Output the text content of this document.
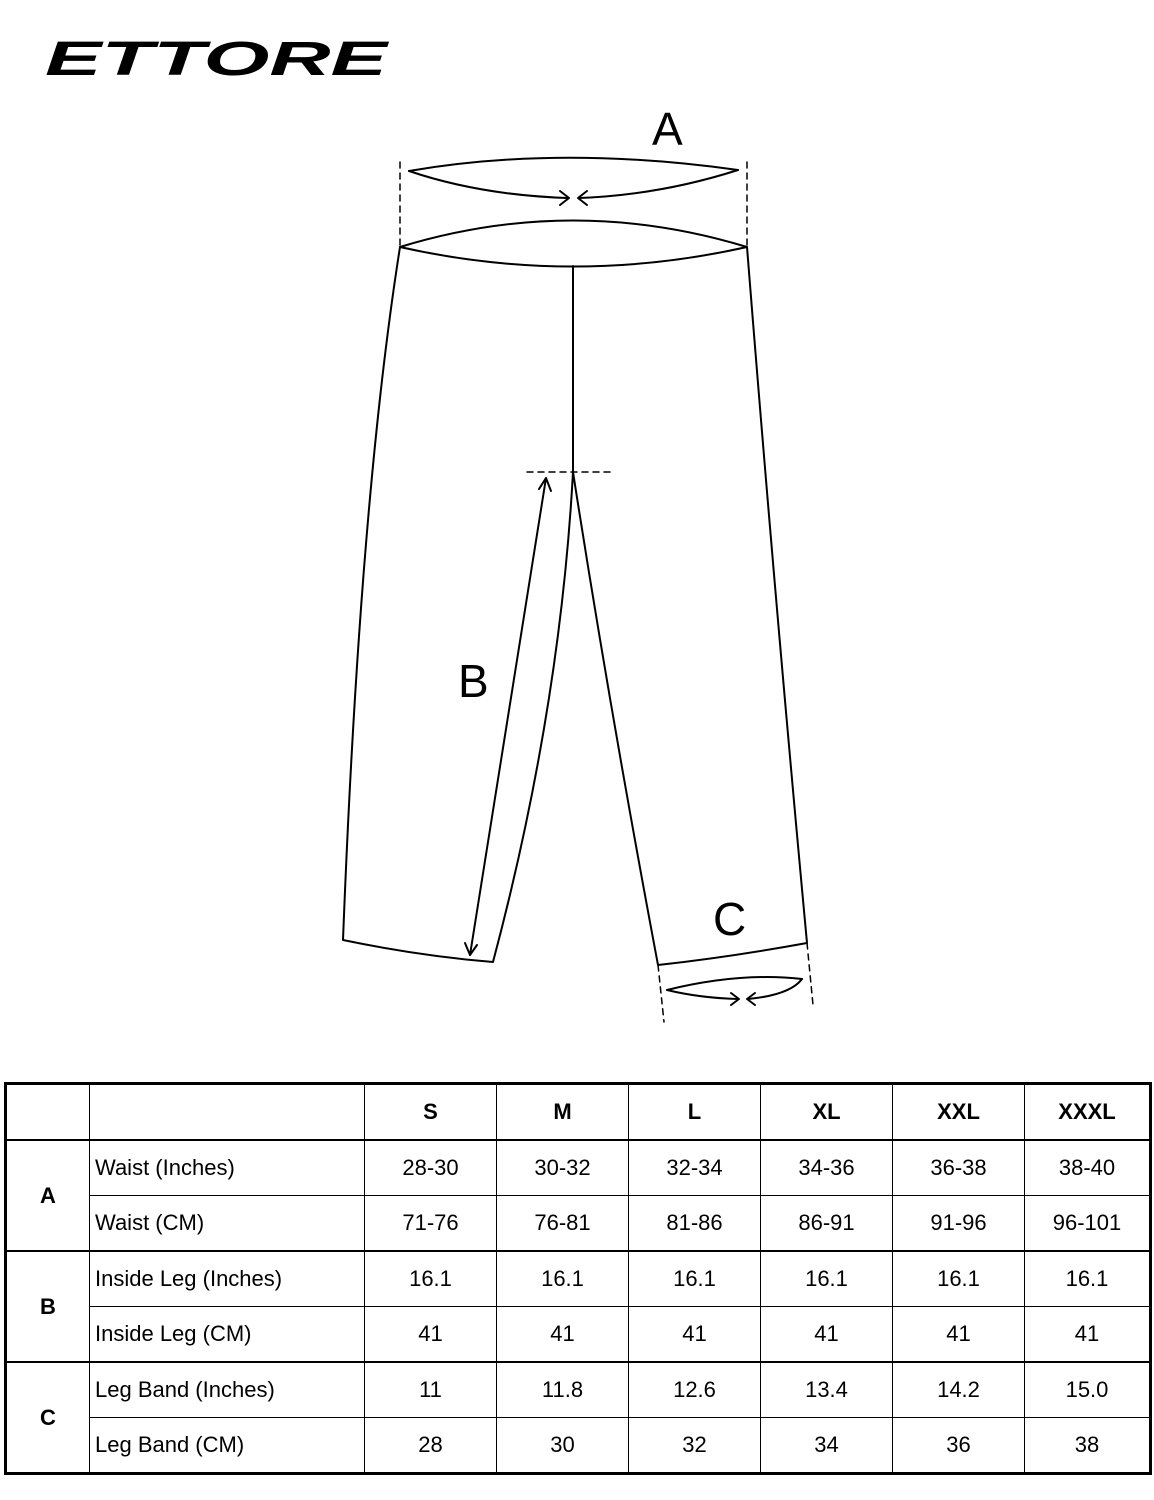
ETTORE
A
B
C
		S	M	L	XL	XXL	XXXL
A	Waist (Inches)	28-30	30-32	32-34	34-36	36-38	38-40
	Waist (CM)	71-76	76-81	81-86	86-91	91-96	96-101
B	Inside Leg (Inches)	16.1	16.1	16.1	16.1	16.1	16.1
	Inside Leg (CM)	41	41	41	41	41	41
C	Leg Band (Inches)	11	11.8	12.6	13.4	14.2	15.0
	Leg Band (CM)	28	30	32	34	36	38
